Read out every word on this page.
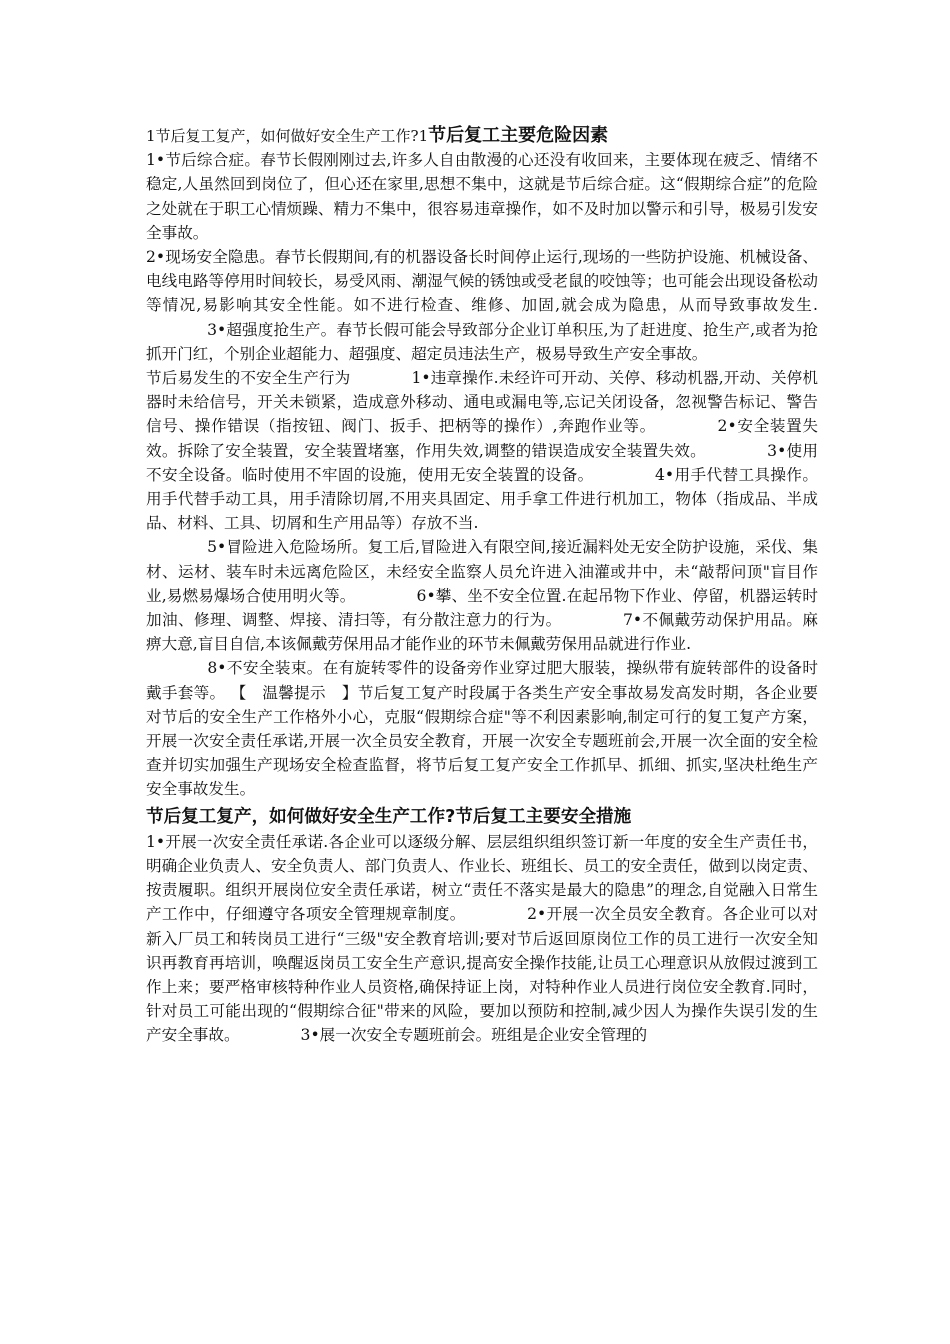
1节后复工复产，如何做好安全生产工作?1节后复工主要危险因素

1•节后综合症。春节长假刚刚过去,许多人自由散漫的心还没有收回来，主要体现在疲乏、情绪不稳定,人虽然回到岗位了，但心还在家里,思想不集中，这就是节后综合症。这“假期综合症”的危险之处就在于职工心情烦躁、精力不集中，很容易违章操作，如不及时加以警示和引导，极易引发安全事故。
2•现场安全隐患。春节长假期间,有的机器设备长时间停止运行,现场的一些防护设施、机械设备、电线电路等停用时间较长，易受风雨、潮湿气候的锈蚀或受老鼠的咬蚀等；也可能会出现设备松动等情况,易影响其安全性能。如不进行检查、维修、加固,就会成为隐患，从而导致事故发生. 3•超强度抢生产。春节长假可能会导致部分企业订单积压,为了赶进度、抢生产,或者为抢抓开门红，个别企业超能力、超强度、超定员违法生产，极易导致生产安全事故。
节后易发生的不安全生产行为	1•违章操作.未经许可开动、关停、移动机器,开动、关停机器时未给信号，开关未锁紧，造成意外移动、通电或漏电等,忘记关闭设备，忽视警告标记、警告信号、操作错误（指按钮、阀门、扳手、把柄等的操作）,奔跑作业等。	2•安全装置失效。拆除了安全装置，安全装置堵塞，作用失效,调整的错误造成安全装置失效。	3•使用不安全设备。临时使用不牢固的设施，使用无安全装置的设备。	4•用手代替工具操作。用手代替手动工具，用手清除切屑,不用夹具固定、用手拿工件进行机加工，物体（指成品、半成品、材料、工具、切屑和生产用品等）存放不当.
5•冒险进入危险场所。复工后,冒险进入有限空间,接近漏料处无安全防护设施，采伐、集材、运材、装车时未远离危险区，未经安全监察人员允许进入油灌或井中，未“敲帮问顶"盲目作业,易燃易爆场合使用明火等。	6•攀、坐不安全位置.在起吊物下作业、停留，机器运转时加油、修理、调整、焊接、清扫等，有分散注意力的行为。	7•不佩戴劳动保护用品。麻痹大意,盲目自信,本该佩戴劳保用品才能作业的环节未佩戴劳保用品就进行作业.
8•不安全装束。在有旋转零件的设备旁作业穿过肥大服装，操纵带有旋转部件的设备时戴手套等。 【　温馨提示　】节后复工复产时段属于各类生产安全事故易发高发时期，各企业要对节后的安全生产工作格外小心，克服“假期综合症"等不利因素影响,制定可行的复工复产方案，开展一次安全责任承诺,开展一次全员安全教育，开展一次安全专题班前会,开展一次全面的安全检查并切实加强生产现场安全检查监督，将节后复工复产安全工作抓早、抓细、抓实,坚决杜绝生产安全事故发生。

节后复工复产，如何做好安全生产工作?节后复工主要安全措施

1•开展一次安全责任承诺.各企业可以逐级分解、层层组织组织签订新一年度的安全生产责任书，明确企业负责人、安全负责人、部门负责人、作业长、班组长、员工的安全责任，做到以岗定责、按责履职。组织开展岗位安全责任承诺，树立“责任不落实是最大的隐患”的理念,自觉融入日常生产工作中，仔细遵守各项安全管理规章制度。	2•开展一次全员安全教育。各企业可以对新入厂员工和转岗员工进行“三级"安全教育培训;要对节后返回原岗位工作的员工进行一次安全知识再教育再培训，唤醒返岗员工安全生产意识,提高安全操作技能,让员工心理意识从放假过渡到工作上来；要严格审核特种作业人员资格,确保持证上岗，对特种作业人员进行岗位安全教育.同时，针对员工可能出现的“假期综合征"带来的风险，要加以预防和控制,减少因人为操作失误引发的生产安全事故。	3•展一次安全专题班前会。班组是企业安全管理的
